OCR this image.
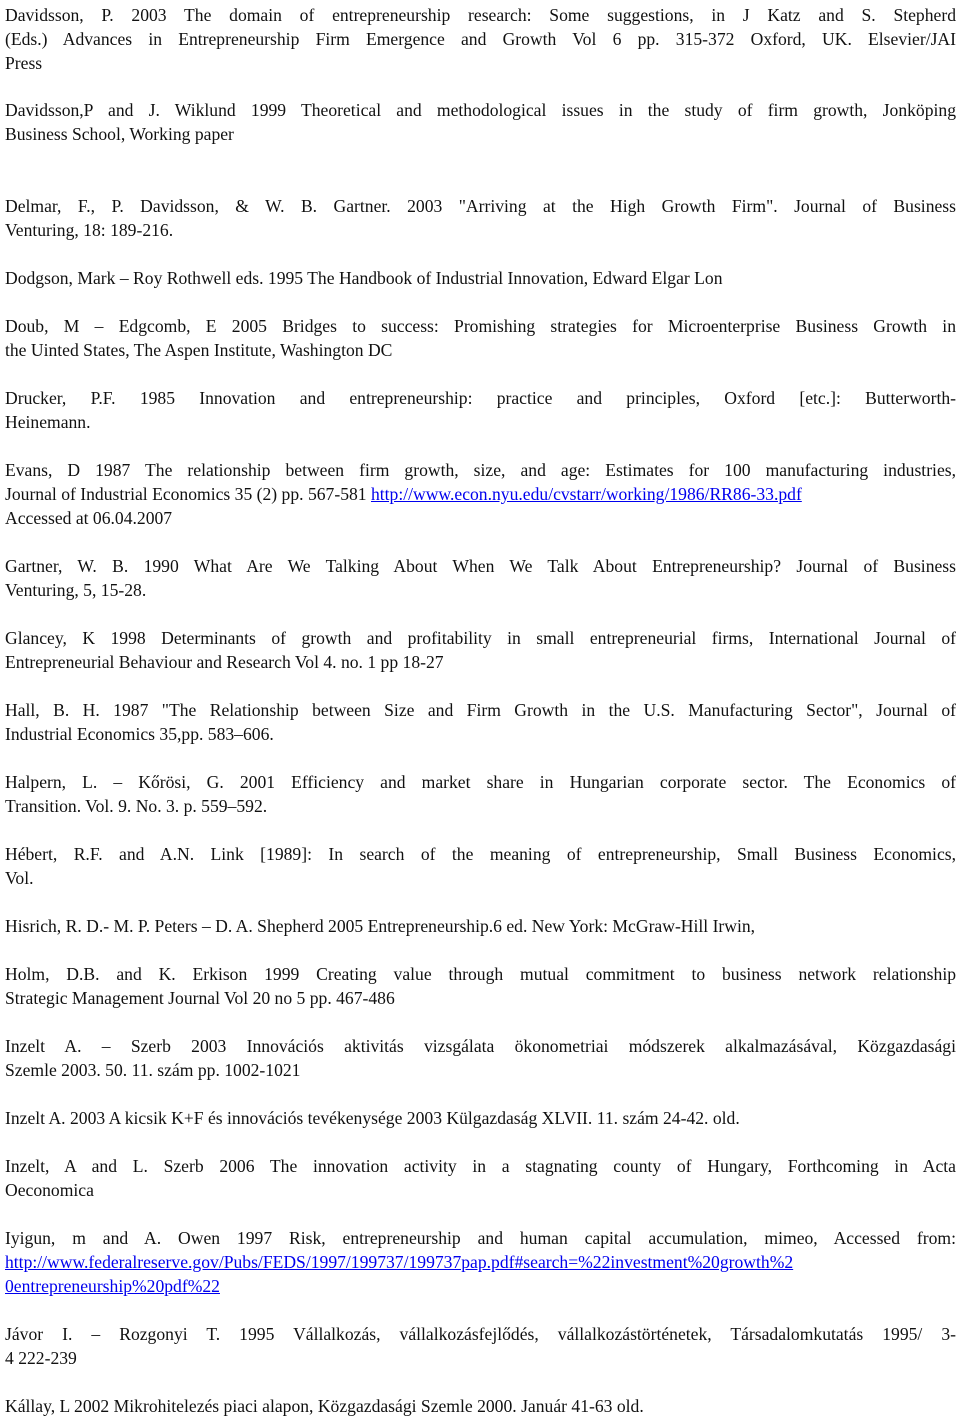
Davidsson, P. 2003 The domain of entrepreneurship research: Some suggestions, in J Katz and S. Stepherd
(Eds.) Advances in Entrepreneurship Firm Emergence and Growth Vol 6 pp. 315-372 Oxford, UK. Elsevier/JAI
Press
Davidsson,P and J. Wiklund 1999 Theoretical and methodological issues in the study of firm growth, Jonköping
Business School, Working paper
Delmar, F., P. Davidsson, & W. B. Gartner. 2003 "Arriving at the High Growth Firm". Journal of Business
Venturing, 18: 189-216.
Dodgson, Mark – Roy Rothwell eds. 1995 The Handbook of Industrial Innovation, Edward Elgar Lon
Doub, M – Edgcomb, E 2005 Bridges to success: Promishing strategies for Microenterprise Business Growth in
the Uinted States, The Aspen Institute, Washington DC
Drucker, P.F. 1985 Innovation and entrepreneurship: practice and principles, Oxford [etc.]: Butterworth-
Heinemann.
Evans, D 1987 The relationship between firm growth, size, and age: Estimates for 100 manufacturing industries,
Journal of Industrial Economics 35 (2) pp. 567-581 http://www.econ.nyu.edu/cvstarr/working/1986/RR86-33.pdf
Accessed at 06.04.2007
Gartner, W. B. 1990 What Are We Talking About When We Talk About Entrepreneurship? Journal of Business
Venturing, 5, 15-28.
Glancey, K 1998 Determinants of growth and profitability in small entrepreneurial firms, International Journal of
Entrepreneurial Behaviour and Research Vol 4. no. 1 pp 18-27
Hall, B. H. 1987 "The Relationship between Size and Firm Growth in the U.S. Manufacturing Sector", Journal of
Industrial Economics 35,pp. 583–606.
Halpern, L. – Kőrösi, G. 2001 Efficiency and market share in Hungarian corporate sector. The Economics of
Transition. Vol. 9. No. 3. p. 559–592.
Hébert, R.F. and A.N. Link [1989]: In search of the meaning of entrepreneurship, Small Business Economics,
Vol.
Hisrich, R. D.- M. P. Peters – D. A. Shepherd 2005 Entrepreneurship.6 ed. New York: McGraw-Hill Irwin,
Holm, D.B. and K. Erkison 1999 Creating value through mutual commitment to business network relationship
Strategic Management Journal Vol 20 no 5 pp. 467-486
Inzelt A. – Szerb 2003 Innovációs aktivitás vizsgálata ökonometriai módszerek alkalmazásával, Közgazdasági
Szemle 2003. 50. 11. szám pp. 1002-1021
Inzelt A. 2003 A kicsik K+F és innovációs tevékenysége 2003 Külgazdaság XLVII. 11. szám 24-42. old.
Inzelt, A and L. Szerb 2006 The innovation activity in a stagnating county of Hungary, Forthcoming in Acta
Oeconomica
Iyigun, m and A. Owen 1997 Risk, entrepreneurship and human capital accumulation, mimeo, Accessed from:
http://www.federalreserve.gov/Pubs/FEDS/1997/199737/199737pap.pdf#search=%22investment%20growth%2
0entrepreneurship%20pdf%22
Jávor I. – Rozgonyi T. 1995 Vállalkozás, vállalkozásfejlődés, vállalkozástörténetek, Társadalomkutatás 1995/ 3-
4 222-239
Kállay, L 2002 Mikrohitelezés piaci alapon, Közgazdasági Szemle 2000. Január 41-63 old.
